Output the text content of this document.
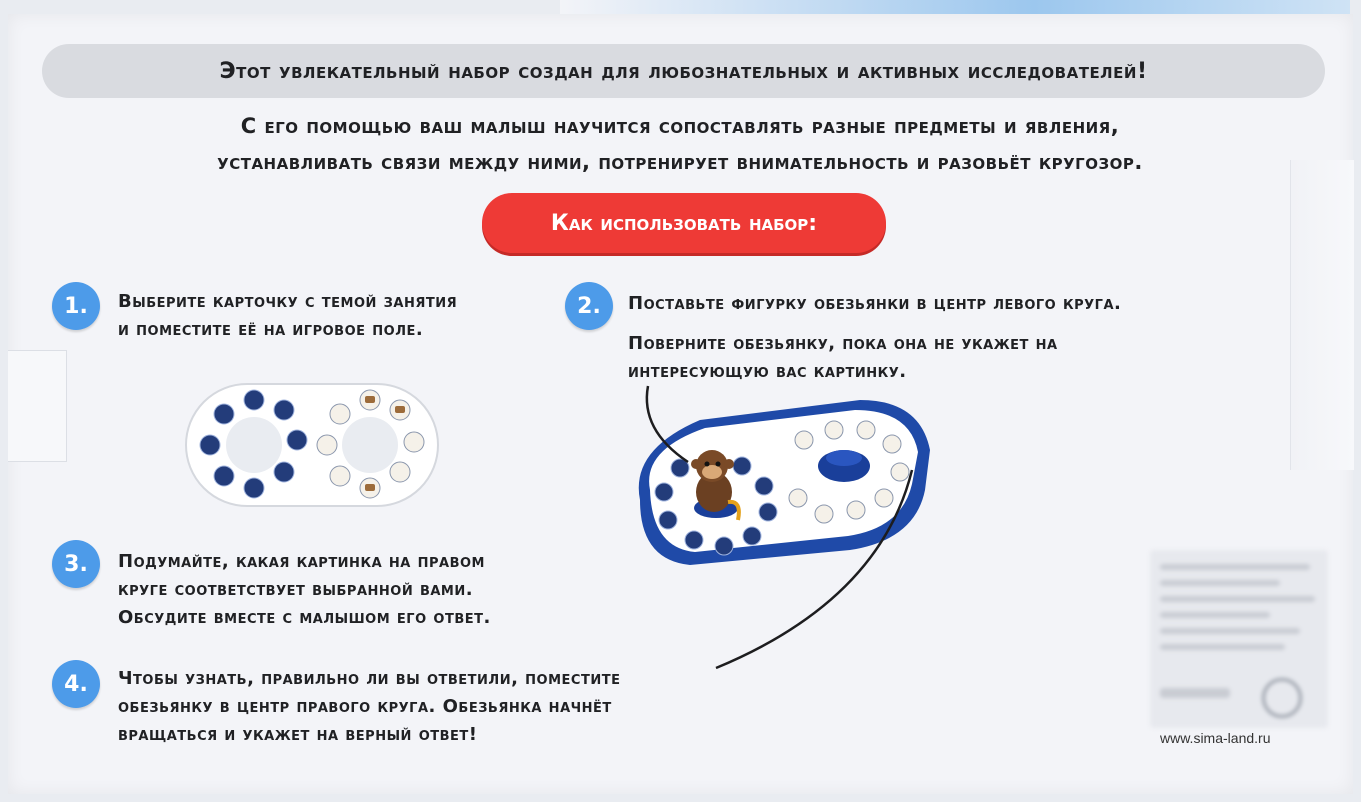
Этот увлекательный набор создан для любознательных и активных исследователей!
С его помощью ваш малыш научится сопоставлять разные предметы и явления,
устанавливать связи между ними, потренирует внимательность и разовьёт кругозор.
Как использовать набор:
1. Выберите карточку с темой занятия
и поместите её на игровое поле.
2. Поставьте фигурку обезьянки в центр левого круга.
Поверните обезьянку, пока она не укажет на
интересующую вас картинку.
3. Подумайте, какая картинка на правом
круге соответствует выбранной вами.
Обсудите вместе с малышом его ответ.
4. Чтобы узнать, правильно ли вы ответили, поместите
обезьянку в центр правого круга. Обезьянка начнёт
вращаться и укажет на верный ответ!	www.sima-land.ru
